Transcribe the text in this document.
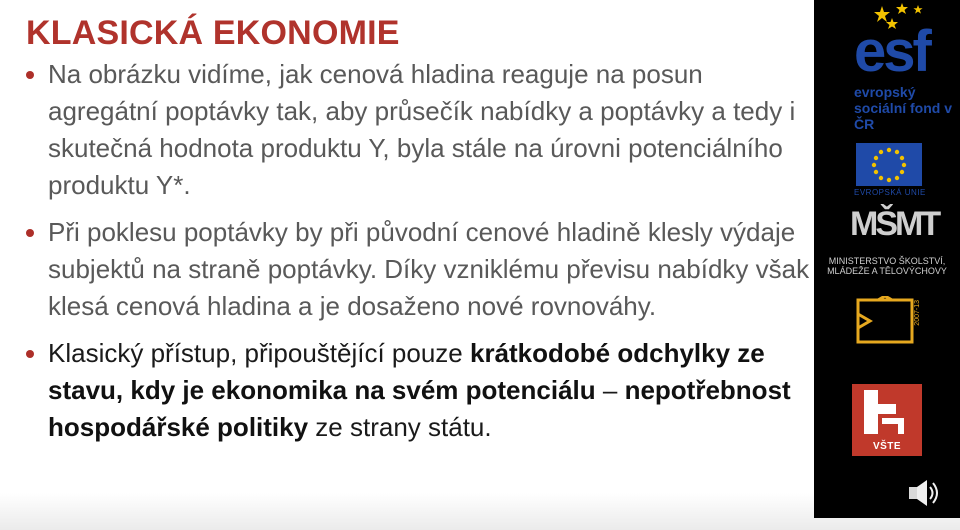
KLASICKÁ EKONOMIE
Na obrázku vidíme, jak cenová hladina reaguje na posun agregátní poptávky tak, aby průsečík nabídky a poptávky a tedy i skutečná hodnota produktu Y, byla stále na úrovni potenciálního produktu Y*.
Při poklesu poptávky by při původní cenové hladině klesly výdaje subjektů na straně poptávky. Díky vzniklému převisu nabídky však klesá cenová hladina a je dosaženo nové rovnováhy.
Klasický přístup, připouštějící pouze krátkodobé odchylky ze stavu, kdy je ekonomika na svém potenciálu – nepotřebnost hospodářské politiky ze strany státu.
esf
evropský sociální fond v ČR
EVROPSKÁ UNIE
MŠMT
MINISTERSTVO ŠKOLSTVÍ, MLÁDEŽE A TĚLOVÝCHOVY
2007-13
VŠTE
